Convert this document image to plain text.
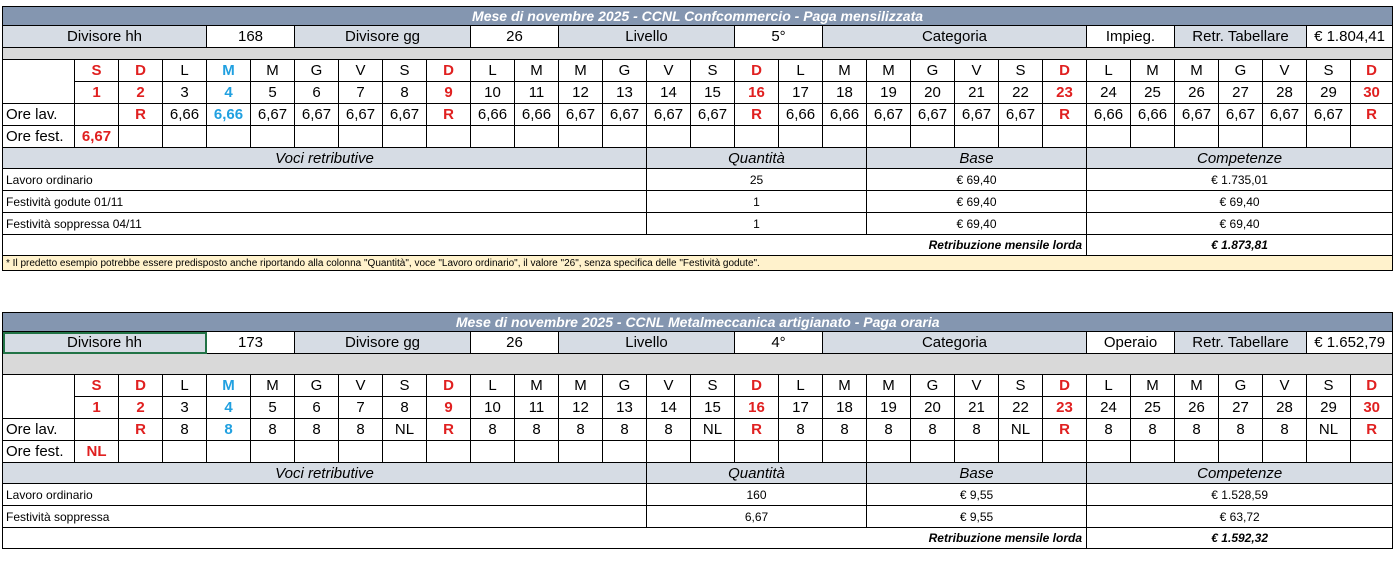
Mese di novembre 2025 - CCNL Confcommercio - Paga mensilizzata																														
Divisore hh				168		Divisore gg				26		Livello				5°		Categoria						Impieg.		Retr. Tabellare			€ 1.804,41	

	S	D	L	M	M	G	V	S	D	L	M	M	G	V	S	D	L	M	M	G	V	S	D	L	M	M	G	V	S	D
	1	2	3	4	5	6	7	8	9	10	11	12	13	14	15	16	17	18	19	20	21	22	23	24	25	26	27	28	29	30
Ore lav.		R	6,66	6,66	6,67	6,67	6,67	6,67	R	6,66	6,66	6,67	6,67	6,67	6,67	R	6,66	6,66	6,67	6,67	6,67	6,67	R	6,66	6,66	6,67	6,67	6,67	6,67	R
Ore fest.	6,67																													
Voci retributive														Quantità					Base					Competenze						
Lavoro ordinario														25					€ 69,40					€ 1.735,01						
Festività godute 01/11														1					€ 69,40					€ 69,40						
Festività soppressa 04/11														1					€ 69,40					€ 69,40						
Retribuzione mensile lorda																								€ 1.873,81						
* Il predetto esempio potrebbe essere predisposto anche riportando alla colonna "Quantità", voce "Lavoro ordinario", il valore "26", senza specifica delle "Festività godute".																														
Mese di novembre 2025 - CCNL Metalmeccanica artigianato - Paga oraria																														
Divisore hh				173		Divisore gg				26		Livello				4°		Categoria						Operaio		Retr. Tabellare			€ 1.652,79	

	S	D	L	M	M	G	V	S	D	L	M	M	G	V	S	D	L	M	M	G	V	S	D	L	M	M	G	V	S	D
	1	2	3	4	5	6	7	8	9	10	11	12	13	14	15	16	17	18	19	20	21	22	23	24	25	26	27	28	29	30
Ore lav.		R	8	8	8	8	8	NL	R	8	8	8	8	8	NL	R	8	8	8	8	8	NL	R	8	8	8	8	8	NL	R
Ore fest.	NL																													
Voci retributive														Quantità					Base					Competenze						
Lavoro ordinario														160					€ 9,55					€ 1.528,59						
Festività soppressa														6,67					€ 9,55					€ 63,72						
Retribuzione mensile lorda																								€ 1.592,32						
